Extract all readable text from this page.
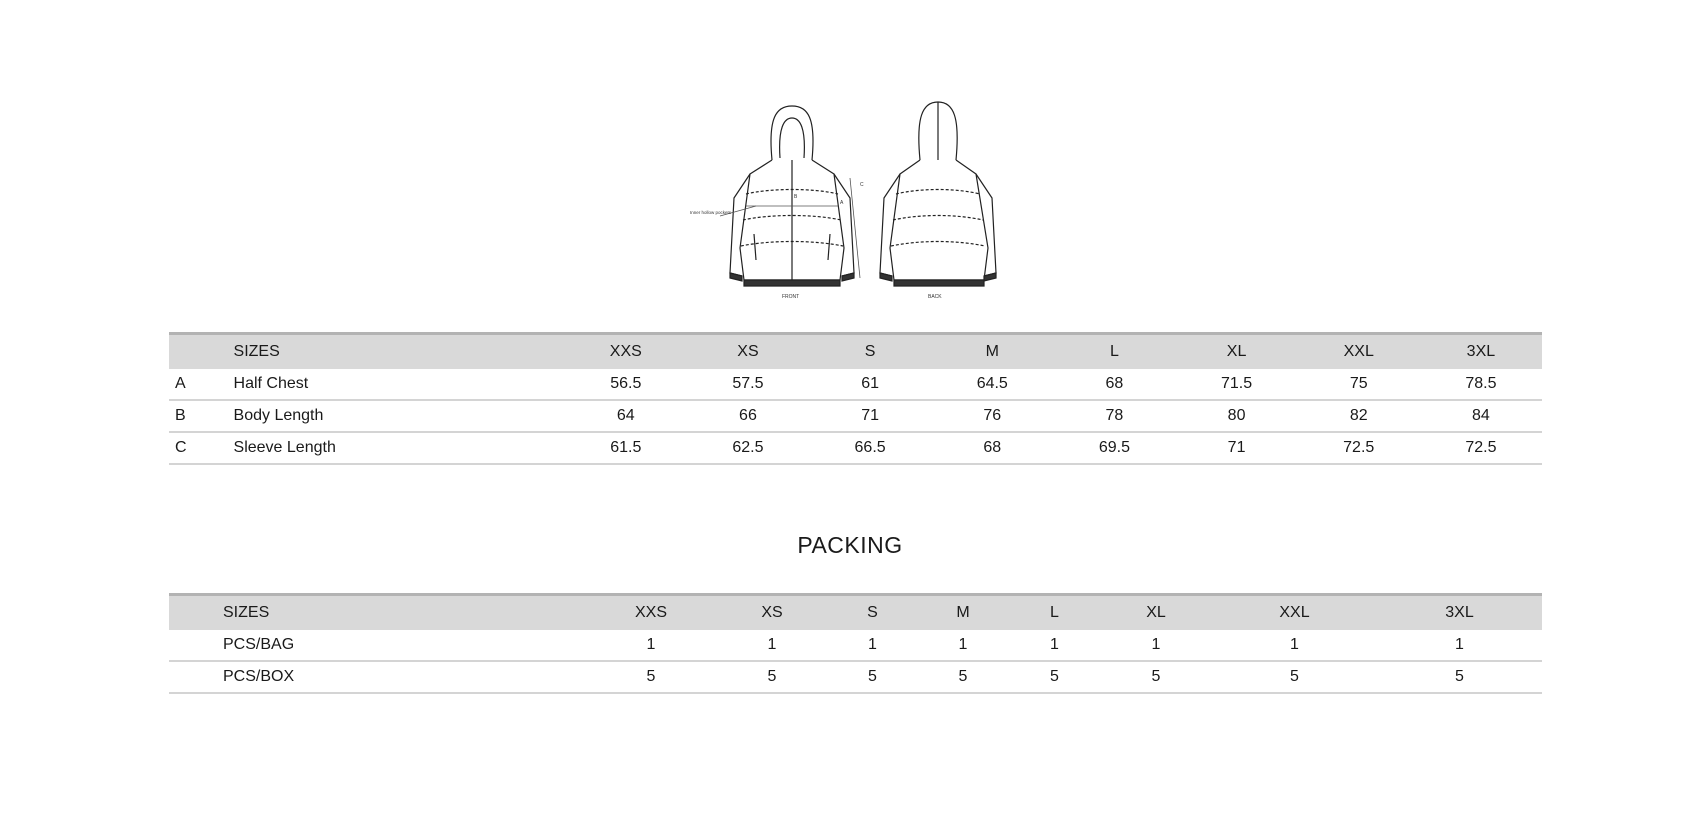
Inner hollow pockets
A
B
C
FRONT	BACK
	SIZES	XXS	XS	S	M	L	XL	XXL	3XL
A	Half Chest	56.5	57.5	61	64.5	68	71.5	75	78.5
B	Body Length	64	66	71	76	78	80	82	84
C	Sleeve Length	61.5	62.5	66.5	68	69.5	71	72.5	72.5
PACKING
	SIZES	XXS	XS	S	M	L	XL	XXL	3XL
	PCS/BAG	1	1	1	1	1	1	1	1
	PCS/BOX	5	5	5	5	5	5	5	5
